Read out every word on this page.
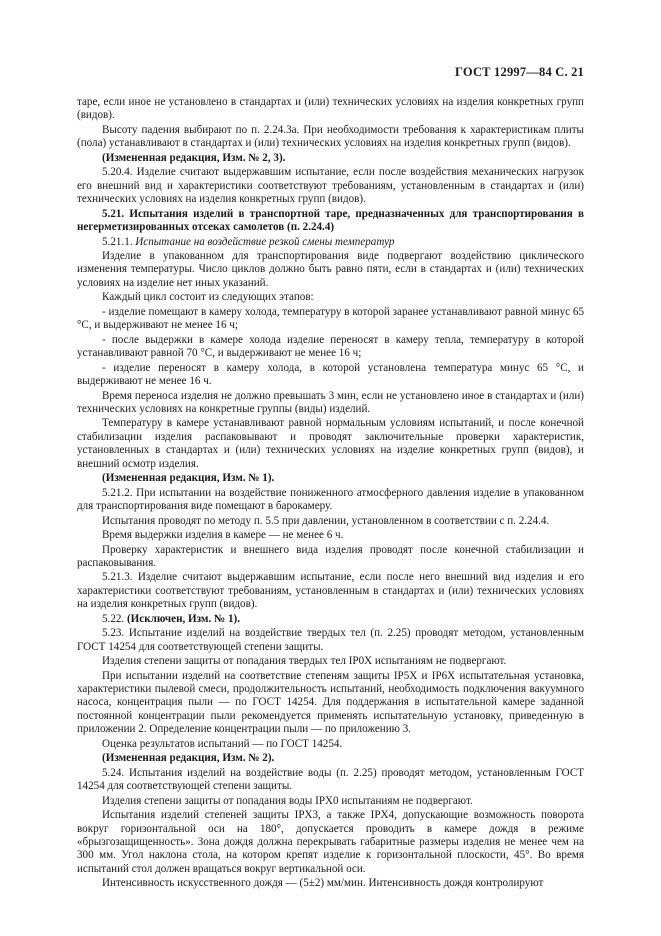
ГОСТ 12997—84 С. 21

таре, если иное не установлено в стандартах и (или) технических условиях на изделия конкретных групп (видов).

Высоту падения выбирают по п. 2.24.3а. При необходимости требования к характеристикам плиты (пола) устанавливают в стандартах и (или) технических условиях на изделия конкретных групп (видов).

(Измененная редакция, Изм. № 2, 3).

5.20.4. Изделие считают выдержавшим испытание, если после воздействия механических нагрузок его внешний вид и характеристики соответствуют требованиям, установленным в стандартах и (или) технических условиях на изделия конкретных групп (видов).

5.21. Испытания изделий в транспортной таре, предназначенных для транспортирования в негерметизированных отсеках самолетов (п. 2.24.4)

5.21.1. Испытание на воздействие резкой смены температур

Изделие в упакованном для транспортирования виде подвергают воздействию циклического изменения температуры. Число циклов должно быть равно пяти, если в стандартах и (или) технических условиях на изделие нет иных указаний.

Каждый цикл состоит из следующих этапов:

- изделие помещают в камеру холода, температуру в которой заранее устанавливают равной минус 65 °С, и выдерживают не менее 16 ч;

- после выдержки в камере холода изделие переносят в камеру тепла, температуру в которой устанавливают равной 70 °С, и выдерживают не менее 16 ч;

- изделие переносят в камеру холода, в которой установлена температура минус 65 °С, и выдерживают не менее 16 ч.

Время переноса изделия не должно превышать 3 мин, если не установлено иное в стандартах и (или) технических условиях на конкретные группы (виды) изделий.

Температуру в камере устанавливают равной нормальным условиям испытаний, и после конечной стабилизации изделия распаковывают и проводят заключительные проверки характеристик, установленных в стандартах и (или) технических условиях на изделие конкретных групп (видов), и внешний осмотр изделия.

(Измененная редакция, Изм. № 1).

5.21.2. При испытании на воздействие пониженного атмосферного давления изделие в упакованном для транспортирования виде помещают в барокамеру.

Испытания проводят по методу п. 5.5 при давлении, установленном в соответствии с п. 2.24.4.

Время выдержки изделия в камере — не менее 6 ч.

Проверку характеристик и внешнего вида изделия проводят после конечной стабилизации и распаковывания.

5.21.3. Изделие считают выдержавшим испытание, если после него внешний вид изделия и его характеристики соответствуют требованиям, установленным в стандартах и (или) технических условиях на изделия конкретных групп (видов).

5.22. (Исключен, Изм. № 1).

5.23. Испытание изделий на воздействие твердых тел (п. 2.25) проводят методом, установленным ГОСТ 14254 для соответствующей степени защиты.

Изделия степени защиты от попадания твердых тел IP0X испытаниям не подвергают.

При испытании изделий на соответствие степеням защиты IP5X и IP6X испытательная установка, характеристики пылевой смеси, продолжительность испытаний, необходимость подключения вакуумного насоса, концентрация пыли — по ГОСТ 14254. Для поддержания в испытательной камере заданной постоянной концентрации пыли рекомендуется применять испытательную установку, приведенную в приложении 2. Определение концентрации пыли — по приложению 3.

Оценка результатов испытаний — по ГОСТ 14254.

(Измененная редакция, Изм. № 2).

5.24. Испытания изделий на воздействие воды (п. 2.25) проводят методом, установленным ГОСТ 14254 для соответствующей степени защиты.

Изделия степени защиты от попадания воды IPX0 испытаниям не подвергают.

Испытания изделий степеней защиты IPX3, а также IPX4, допускающие возможность поворота вокруг горизонтальной оси на 180°, допускается проводить в камере дождя в режиме «брызгозащищенность». Зона дождя должна перекрывать габаритные размеры изделия не менее чем на 300 мм. Угол наклона стола, на котором крепят изделие к горизонтальной плоскости, 45°. Во время испытаний стол должен вращаться вокруг вертикальной оси.

Интенсивность искусственного дождя — (5±2) мм/мин. Интенсивность дождя контролируют
